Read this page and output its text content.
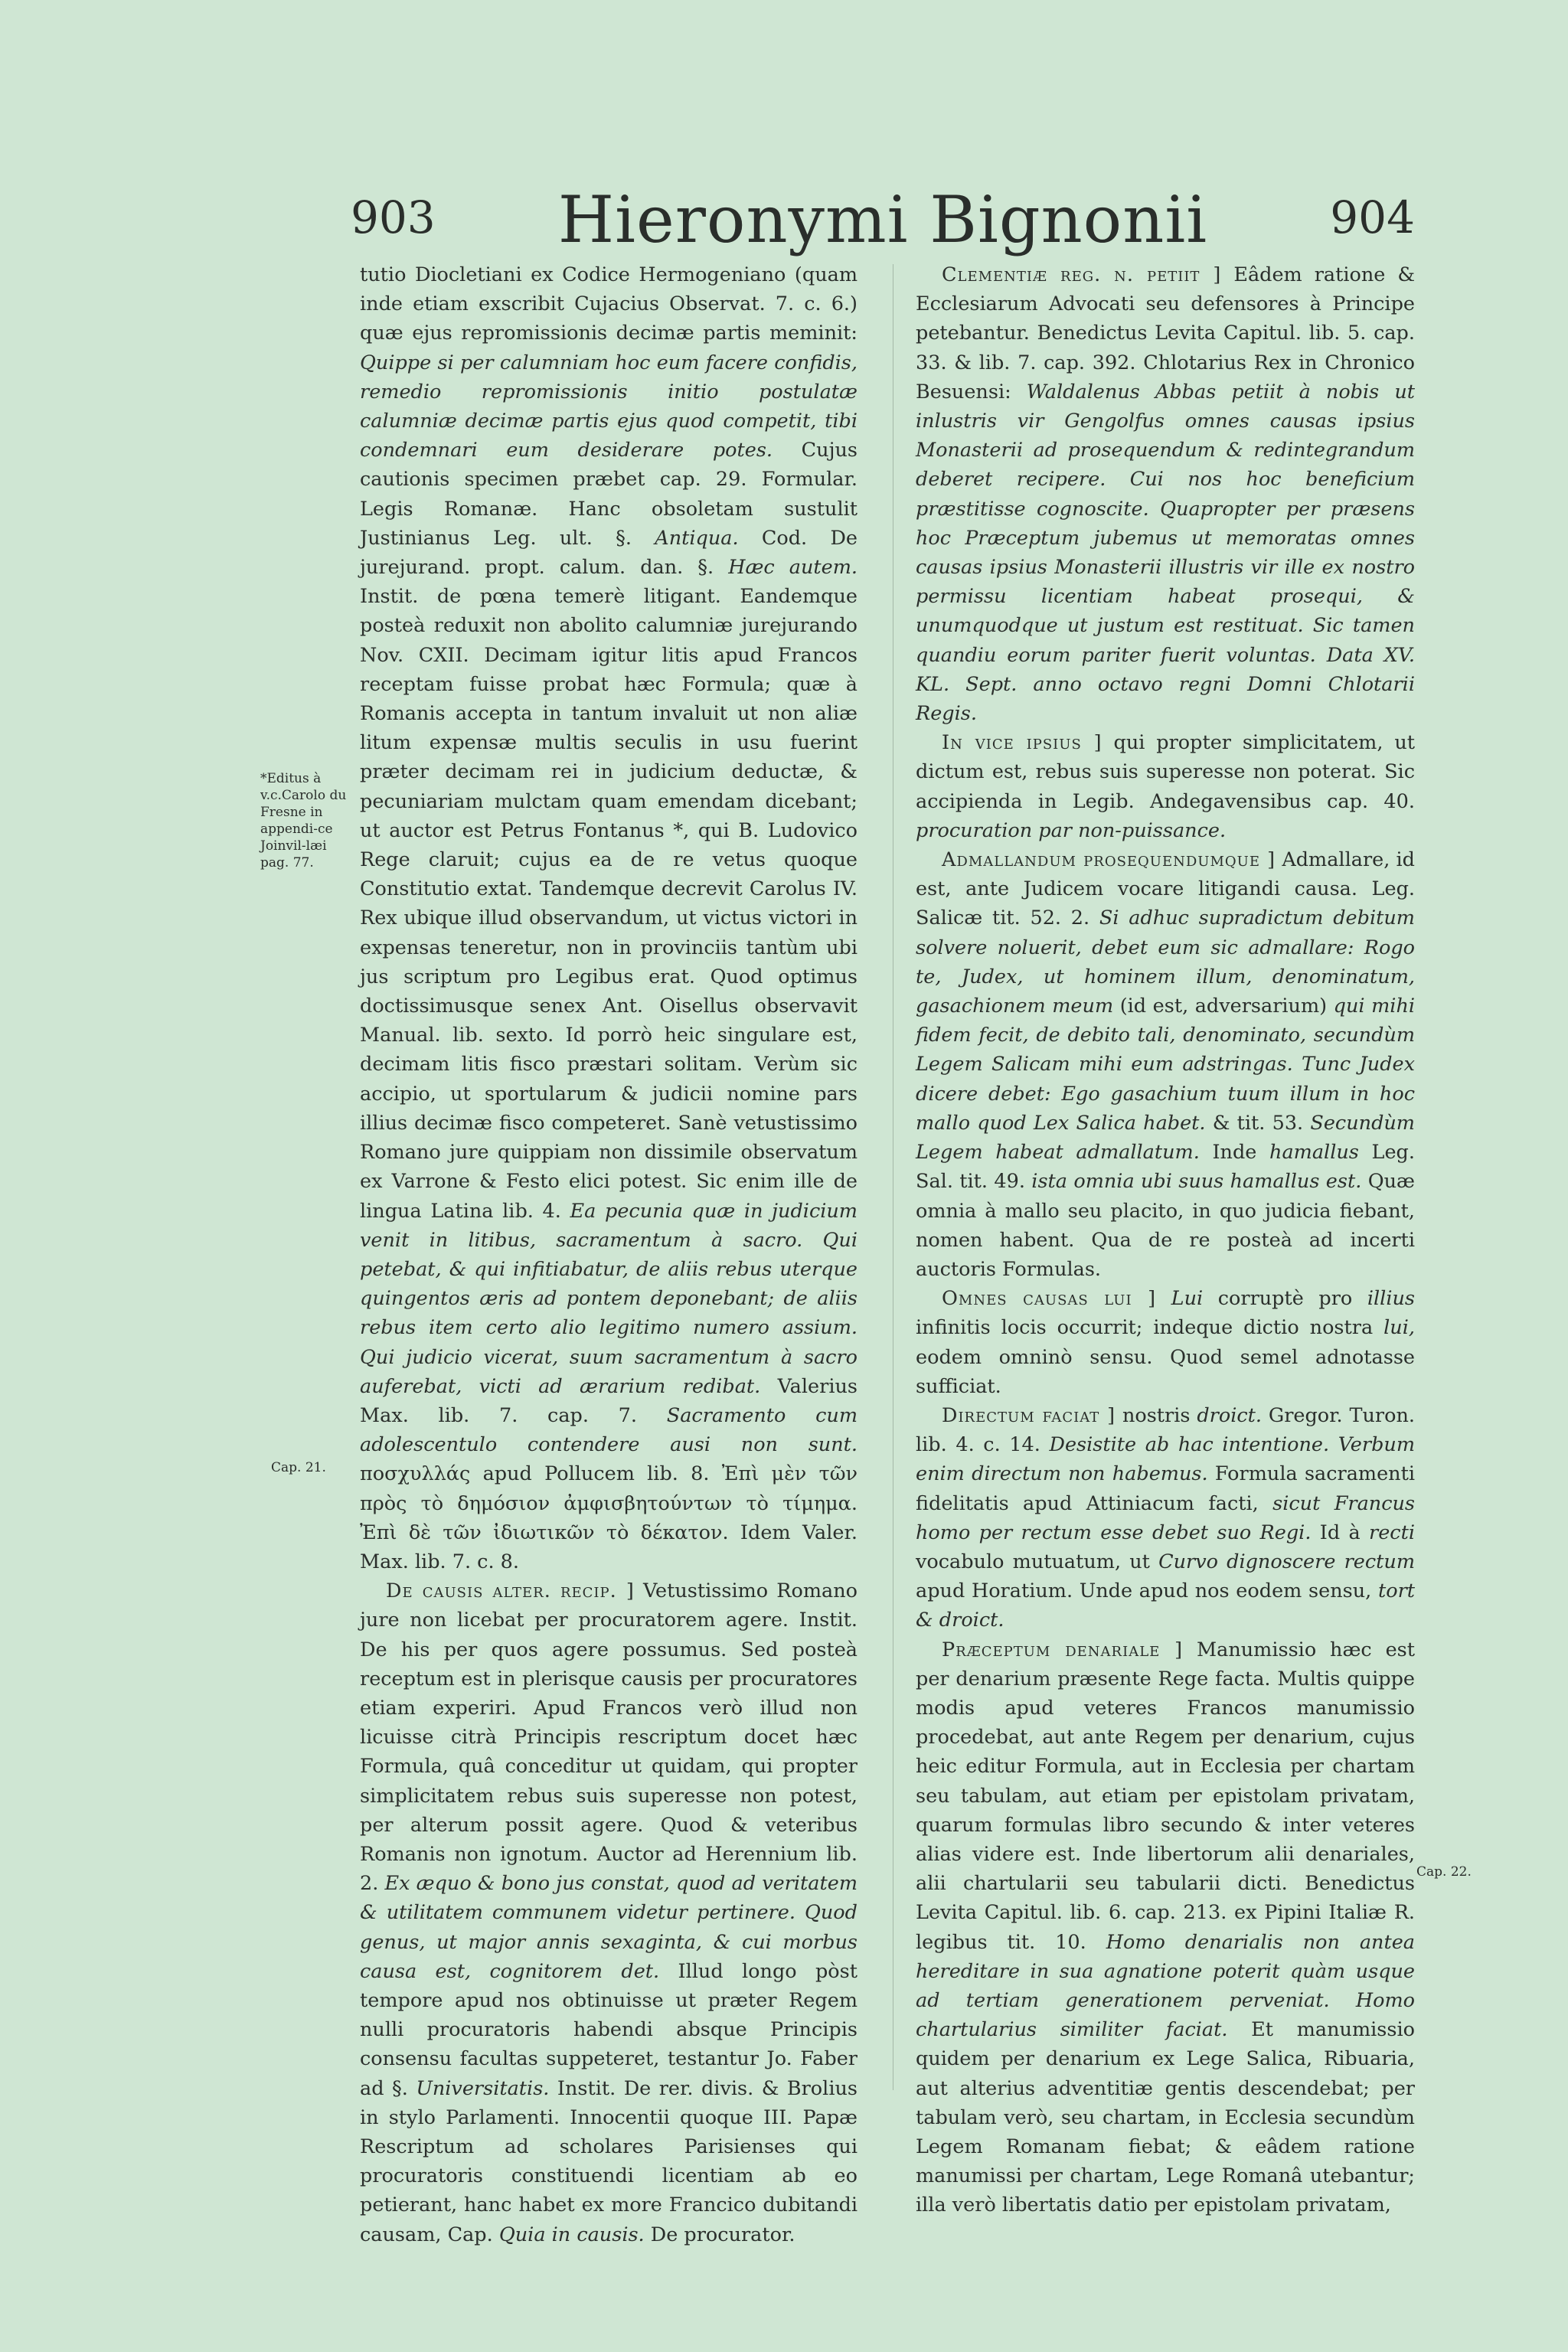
903	Hieronymi Bignonii	904
*Editus à v.c.Carolo du Fresne in appendi-ce Joinvil-læi pag. 77.
Cap. 21.
Cap. 22.

tutio Diocletiani ex Codice Hermogeniano (quam inde etiam exscribit Cujacius Observat. 7. c. 6.) quæ ejus repromissionis decimæ partis meminit: Quippe si per calumniam hoc eum facere confidis, remedio repromissionis initio postulatæ calumniæ decimæ partis ejus quod competit, tibi condemnari eum desiderare potes. Cujus cautionis specimen præbet cap. 29. Formular. Legis Romanæ. Hanc obsoletam sustulit Justinianus Leg. ult. §. Antiqua. Cod. De jurejurand. propt. calum. dan. §. Hæc autem. Instit. de pœna temerè litigant. Eandemque posteà reduxit non abolito calumniæ jurejurando Nov. CXII. Decimam igitur litis apud Francos receptam fuisse probat hæc Formula; quæ à Romanis accepta in tantum invaluit ut non aliæ litum expensæ multis seculis in usu fuerint præter decimam rei in judicium deductæ, & pecuniariam mulctam quam emendam dicebant; ut auctor est Petrus Fontanus *, qui B. Ludovico Rege claruit; cujus ea de re vetus quoque Constitutio extat. Tandemque decrevit Carolus IV. Rex ubique illud observandum, ut victus victori in expensas teneretur, non in provinciis tantùm ubi jus scriptum pro Legibus erat. Quod optimus doctissimusque senex Ant. Oisellus observavit Manual. lib. sexto. Id porrò heic singulare est, decimam litis fisco præstari solitam. Verùm sic accipio, ut sportularum & judicii nomine pars illius decimæ fisco competeret. Sanè vetustissimo Romano jure quippiam non dissimile observatum ex Varrone & Festo elici potest. Sic enim ille de lingua Latina lib. 4. Ea pecunia quæ in judicium venit in litibus, sacramentum à sacro. Qui petebat, & qui infitiabatur, de aliis rebus uterque quingentos æris ad pontem deponebant; de aliis rebus item certo alio legitimo numero assium. Qui judicio vicerat, suum sacramentum à sacro auferebat, victi ad ærarium redibat. Valerius Max. lib. 7. cap. 7. Sacramento cum adolescentulo contendere ausi non sunt. ποσχυλλάς apud Pollucem lib. 8. Ἐπὶ μὲν τῶν πρὸς τὸ δημόσιον ἀμφισβητούντων τὸ τίμημα. Ἐπὶ δὲ τῶν ἰδιωτικῶν τὸ δέκατον. Idem Valer. Max. lib. 7. c. 8.

De causis alter. recip. ] Vetustissimo Romano jure non licebat per procuratorem agere. Instit. De his per quos agere possumus. Sed posteà receptum est in plerisque causis per procuratores etiam experiri. Apud Francos verò illud non licuisse citrà Principis rescriptum docet hæc Formula, quâ conceditur ut quidam, qui propter simplicitatem rebus suis superesse non potest, per alterum possit agere. Quod & veteribus Romanis non ignotum. Auctor ad Herennium lib. 2. Ex æquo & bono jus constat, quod ad veritatem & utilitatem communem videtur pertinere. Quod genus, ut major annis sexaginta, & cui morbus causa est, cognitorem det. Illud longo pòst tempore apud nos obtinuisse ut præter Regem nulli procuratoris habendi absque Principis consensu facultas suppeteret, testantur Jo. Faber ad §. Universitatis. Instit. De rer. divis. & Brolius in stylo Parlamenti. Innocentii quoque III. Papæ Rescriptum ad scholares Parisienses qui procuratoris constituendi licentiam ab eo petierant, hanc habet ex more Francico dubitandi causam, Cap. Quia in causis. De procurator.

Clementiæ reg. n. petiit ] Eâdem ratione & Ecclesiarum Advocati seu defensores à Principe petebantur. Benedictus Levita Capitul. lib. 5. cap. 33. & lib. 7. cap. 392. Chlotarius Rex in Chronico Besuensi: Waldalenus Abbas petiit à nobis ut inlustris vir Gengolfus omnes causas ipsius Monasterii ad prosequendum & redintegrandum deberet recipere. Cui nos hoc beneficium præstitisse cognoscite. Quapropter per præsens hoc Præceptum jubemus ut memoratas omnes causas ipsius Monasterii illustris vir ille ex nostro permissu licentiam habeat prosequi, & unumquodque ut justum est restituat. Sic tamen quandiu eorum pariter fuerit voluntas. Data XV. KL. Sept. anno octavo regni Domni Chlotarii Regis.

In vice ipsius ] qui propter simplicitatem, ut dictum est, rebus suis superesse non poterat. Sic accipienda in Legib. Andegavensibus cap. 40. procuration par non-puissance.

Admallandum prosequendumque ] Admallare, id est, ante Judicem vocare litigandi causa. Leg. Salicæ tit. 52. 2. Si adhuc supradictum debitum solvere noluerit, debet eum sic admallare: Rogo te, Judex, ut hominem illum, denominatum, gasachionem meum (id est, adversarium) qui mihi fidem fecit, de debito tali, denominato, secundùm Legem Salicam mihi eum adstringas. Tunc Judex dicere debet: Ego gasachium tuum illum in hoc mallo quod Lex Salica habet. & tit. 53. Secundùm Legem habeat admallatum. Inde hamallus Leg. Sal. tit. 49. ista omnia ubi suus hamallus est. Quæ omnia à mallo seu placito, in quo judicia fiebant, nomen habent. Qua de re posteà ad incerti auctoris Formulas.

Omnes causas lui ] Lui corruptè pro illius infinitis locis occurrit; indeque dictio nostra lui, eodem omninò sensu. Quod semel adnotasse sufficiat.

Directum faciat ] nostris droict. Gregor. Turon. lib. 4. c. 14. Desistite ab hac intentione. Verbum enim directum non habemus. Formula sacramenti fidelitatis apud Attiniacum facti, sicut Francus homo per rectum esse debet suo Regi. Id à recti vocabulo mutuatum, ut Curvo dignoscere rectum apud Horatium. Unde apud nos eodem sensu, tort & droict.

Præceptum denariale ] Manumissio hæc est per denarium præsente Rege facta. Multis quippe modis apud veteres Francos manumissio procedebat, aut ante Regem per denarium, cujus heic editur Formula, aut in Ecclesia per chartam seu tabulam, aut etiam per epistolam privatam, quarum formulas libro secundo & inter veteres alias videre est. Inde libertorum alii denariales, alii chartularii seu tabularii dicti. Benedictus Levita Capitul. lib. 6. cap. 213. ex Pipini Italiæ R. legibus tit. 10. Homo denarialis non antea hereditare in sua agnatione poterit quàm usque ad tertiam generationem perveniat. Homo chartularius similiter faciat. Et manumissio quidem per denarium ex Lege Salica, Ribuaria, aut alterius adventitiæ gentis descendebat; per tabulam verò, seu chartam, in Ecclesia secundùm Legem Romanam fiebat; & eâdem ratione manumissi per chartam, Lege Romanâ utebantur; illa verò libertatis datio per epistolam privatam,
